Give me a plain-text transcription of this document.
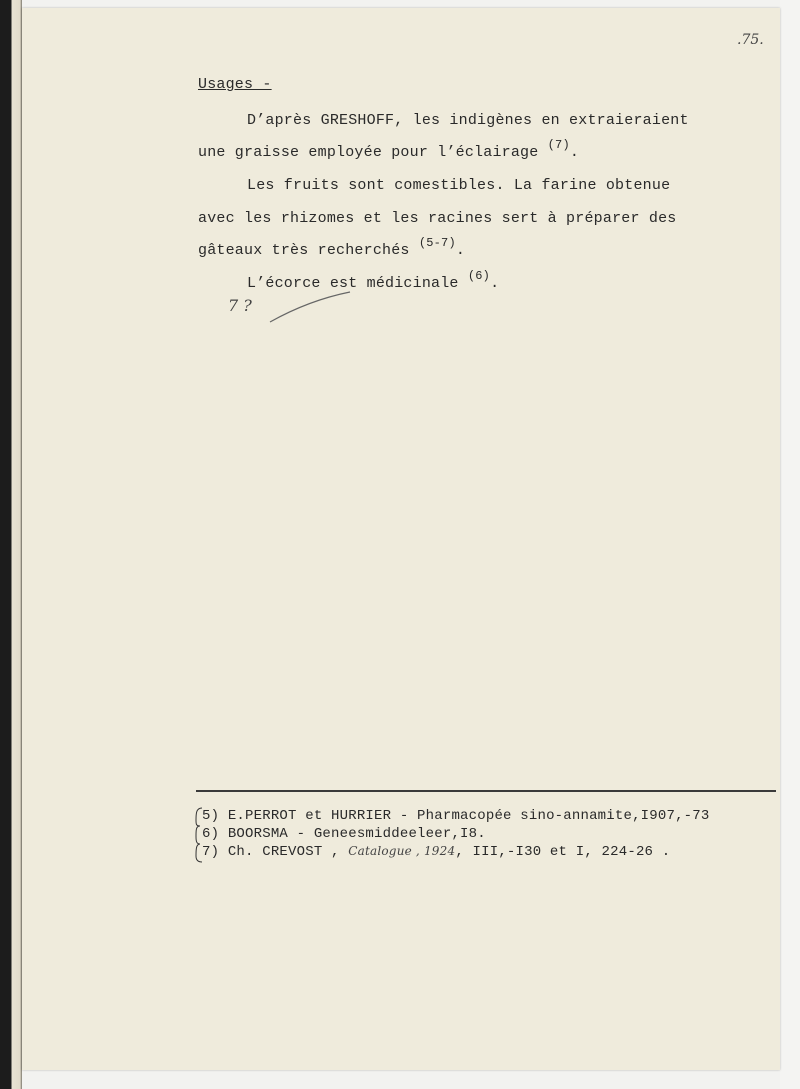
.75.
Usages -
D’après GRESHOFF, les indigènes en extraieraient
une graisse employée pour l’éclairage $^{(7)}$.
Les fruits sont comestibles. La farine obtenue
avec les rhizomes et les racines sert à préparer des
gâteaux très recherchés $^{(5-7)}$.
L’écorce est médicinale $^{(6)}$.
7 ?
5) E.PERROT et HURRIER - Pharmacopée sino-annamite,I907,-73
6) BOORSMA - Geneesmiddeeleer,I8.
7) Ch. CREVOST , Catalogue , 1924, III,-I30 et I, 224-26 .
